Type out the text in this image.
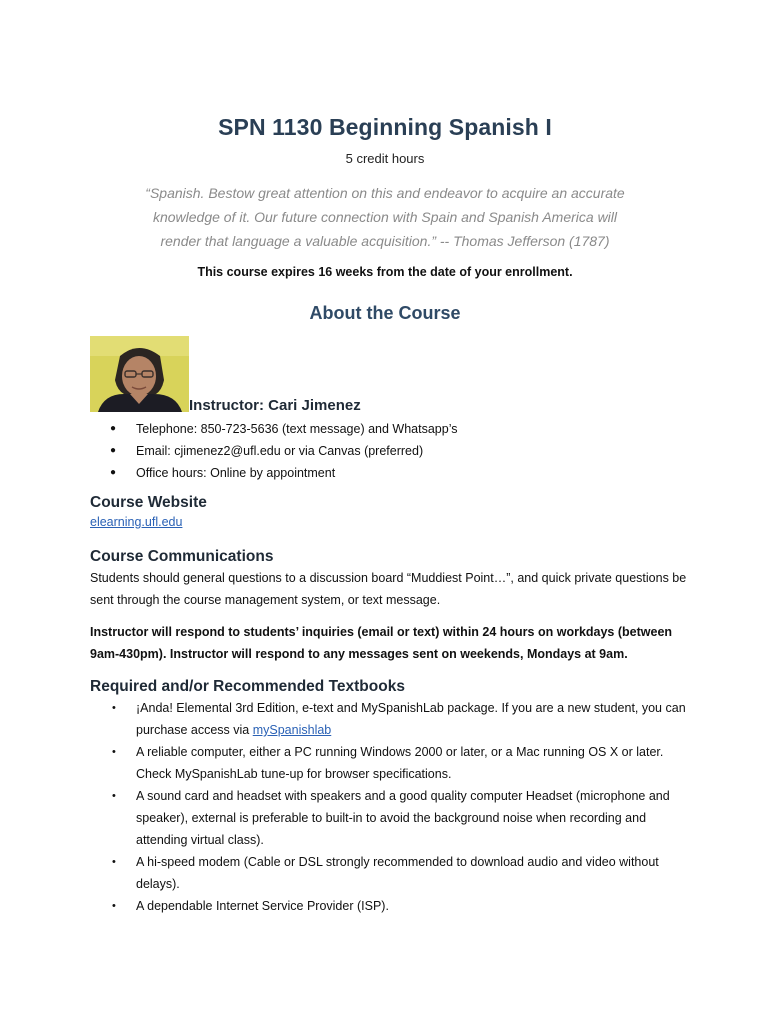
SPN 1130 Beginning Spanish I
5 credit hours
“Spanish. Bestow great attention on this and endeavor to acquire an accurate knowledge of it. Our future connection with Spain and Spanish America will render that language a valuable acquisition.” -- Thomas Jefferson (1787)
This course expires 16 weeks from the date of your enrollment.
About the Course
Instructor: Cari Jimenez
● Telephone: 850-723-5636 (text message) and Whatsapp’s
● Email: cjimenez2@ufl.edu or via Canvas (preferred)
● Office hours: Online by appointment
Course Website
elearning.ufl.edu
Course Communications

Students should general questions to a discussion board “Muddiest Point…”, and quick private questions be sent through the course management system, or text message.

Instructor will respond to students’ inquiries (email or text) within 24 hours on workdays (between 9am-430pm). Instructor will respond to any messages sent on weekends, Mondays at 9am.

Required and/or Recommended Textbooks
• ¡Anda! Elemental 3rd Edition, e-text and MySpanishLab package. If you are a new student, you can purchase access via mySpanishlab
• A reliable computer, either a PC running Windows 2000 or later, or a Mac running OS X or later. Check MySpanishLab tune-up for browser specifications.
• A sound card and headset with speakers and a good quality computer Headset (microphone and speaker), external is preferable to built-in to avoid the background noise when recording and attending virtual class).
• A hi-speed modem (Cable or DSL strongly recommended to download audio and video without delays).
• A dependable Internet Service Provider (ISP).
